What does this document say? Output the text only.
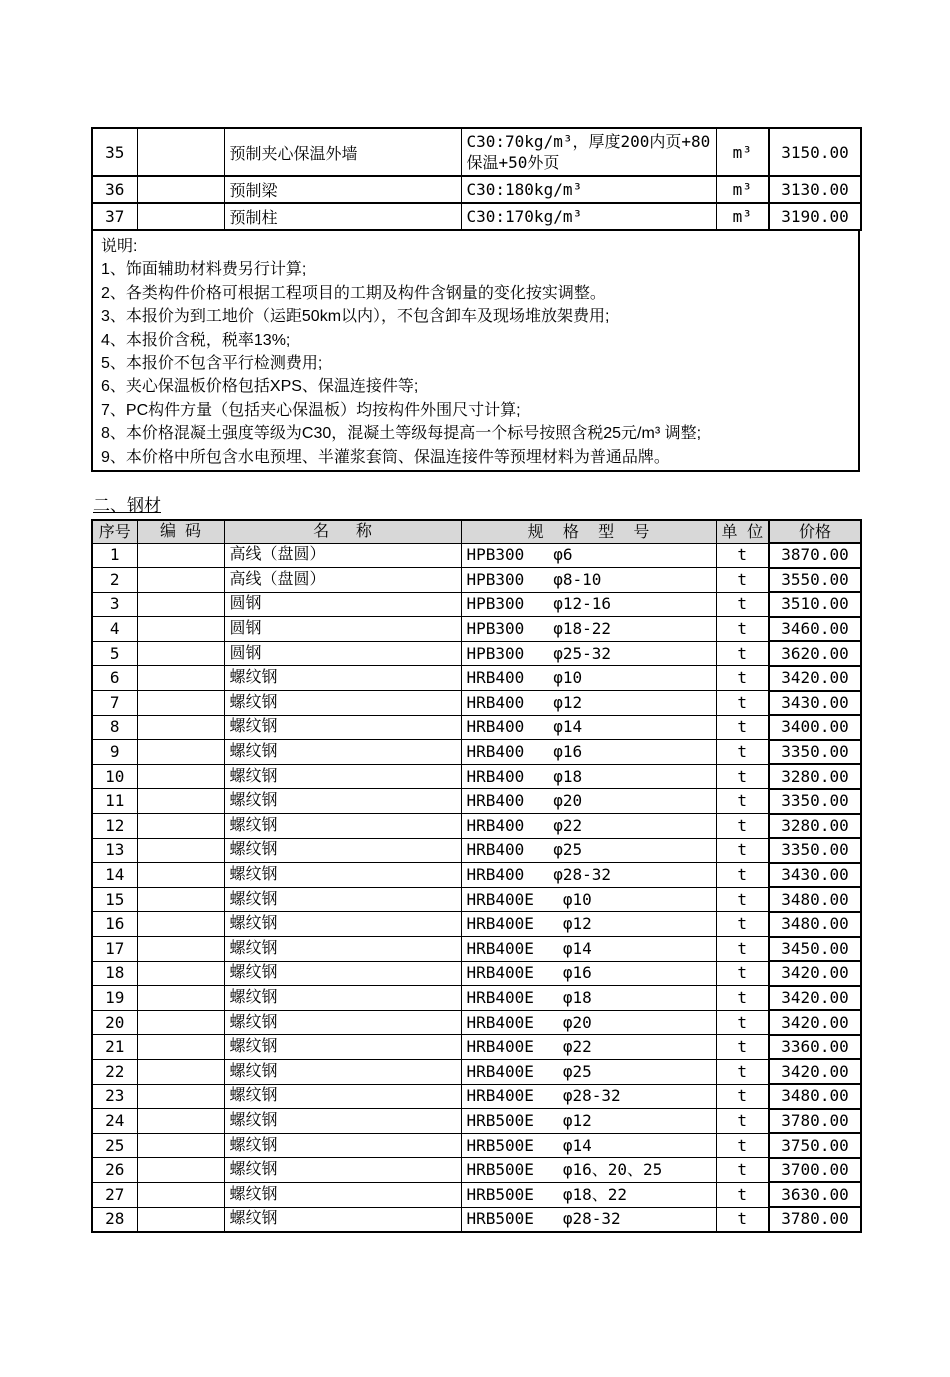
35		预制夹心保温外墙	C30:70kg/m³，厚度200内页+80保温+50外页	m³	3150.00
36		预制梁	C30:180kg/m³	m³	3130.00
37		预制柱	C30:170kg/m³	m³	3190.00
说明:
1、饰面辅助材料费另行计算;
2、各类构件价格可根据工程项目的工期及构件含钢量的变化按实调整。
3、本报价为到工地价（运距50km以内），不包含卸车及现场堆放架费用;
4、本报价含税，税率13%;
5、本报价不包含平行检测费用;
6、夹心保温板价格包括XPS、保温连接件等;
7、PC构件方量（包括夹心保温板）均按构件外围尺寸计算;
8、本价格混凝土强度等级为C30，混凝土等级每提高一个标号按照含税25元/m³ 调整;
9、本价格中所包含水电预埋、半灌浆套筒、保温连接件等预埋材料为普通品牌。
二、钢材
序号	编  码	名      称	规  格  型  号	单 位	价格
1		高线（盘圆）	HPB300   φ6	t	3870.00
2		高线（盘圆）	HPB300   φ8-10	t	3550.00
3		圆钢	HPB300   φ12-16	t	3510.00
4		圆钢	HPB300   φ18-22	t	3460.00
5		圆钢	HPB300   φ25-32	t	3620.00
6		螺纹钢	HRB400   φ10	t	3420.00
7		螺纹钢	HRB400   φ12	t	3430.00
8		螺纹钢	HRB400   φ14	t	3400.00
9		螺纹钢	HRB400   φ16	t	3350.00
10		螺纹钢	HRB400   φ18	t	3280.00
11		螺纹钢	HRB400   φ20	t	3350.00
12		螺纹钢	HRB400   φ22	t	3280.00
13		螺纹钢	HRB400   φ25	t	3350.00
14		螺纹钢	HRB400   φ28-32	t	3430.00
15		螺纹钢	HRB400E   φ10	t	3480.00
16		螺纹钢	HRB400E   φ12	t	3480.00
17		螺纹钢	HRB400E   φ14	t	3450.00
18		螺纹钢	HRB400E   φ16	t	3420.00
19		螺纹钢	HRB400E   φ18	t	3420.00
20		螺纹钢	HRB400E   φ20	t	3420.00
21		螺纹钢	HRB400E   φ22	t	3360.00
22		螺纹钢	HRB400E   φ25	t	3420.00
23		螺纹钢	HRB400E   φ28-32	t	3480.00
24		螺纹钢	HRB500E   φ12	t	3780.00
25		螺纹钢	HRB500E   φ14	t	3750.00
26		螺纹钢	HRB500E   φ16、20、25	t	3700.00
27		螺纹钢	HRB500E   φ18、22	t	3630.00
28		螺纹钢	HRB500E   φ28-32	t	3780.00
